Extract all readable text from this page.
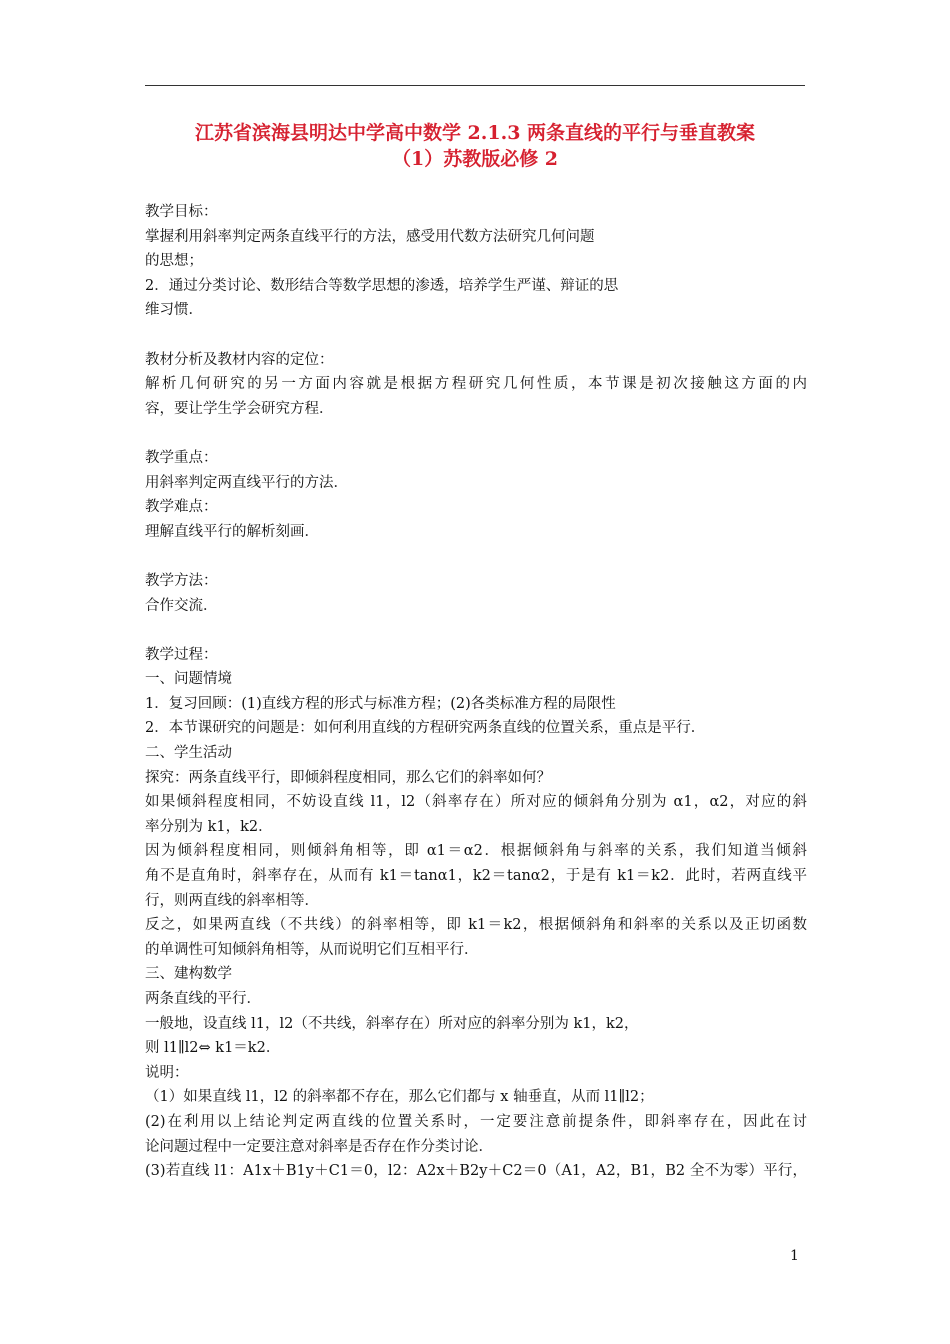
江苏省滨海县明达中学高中数学 2.1.3 两条直线的平行与垂直教案
（1）苏教版必修 2
教学目标：
掌握利用斜率判定两条直线平行的方法，感受用代数方法研究几何问题
的思想；
2．通过分类讨论、数形结合等数学思想的渗透，培养学生严谨、辩证的思
维习惯．
教材分析及教材内容的定位：
解析几何研究的另一方面内容就是根据方程研究几何性质，本节课是初次接触这方面的内
容，要让学生学会研究方程．
教学重点：
用斜率判定两直线平行的方法．
教学难点：
理解直线平行的解析刻画．
教学方法：
合作交流．
教学过程：
一、问题情境
1．复习回顾：(1)直线方程的形式与标准方程；(2)各类标准方程的局限性
2．本节课研究的问题是：如何利用直线的方程研究两条直线的位置关系，重点是平行．
二、学生活动
探究：两条直线平行，即倾斜程度相同，那么它们的斜率如何？
如果倾斜程度相同，不妨设直线 l1，l2（斜率存在）所对应的倾斜角分别为 α1，α2，对应的斜
率分别为 k1，k2．
因为倾斜程度相同，则倾斜角相等，即 α1＝α2．根据倾斜角与斜率的关系，我们知道当倾斜
角不是直角时，斜率存在，从而有 k1＝tanα1，k2＝tanα2，于是有 k1＝k2．此时，若两直线平
行，则两直线的斜率相等．
反之，如果两直线（不共线）的斜率相等，即 k1＝k2，根据倾斜角和斜率的关系以及正切函数
的单调性可知倾斜角相等，从而说明它们互相平行．
三、建构数学
两条直线的平行．
一般地，设直线 l1，l2（不共线，斜率存在）所对应的斜率分别为 k1，k2，
则 l1∥l2⇔ k1＝k2．
说明：
（1）如果直线 l1，l2 的斜率都不存在，那么它们都与 x 轴垂直，从而 l1∥l2；
(2)在利用以上结论判定两直线的位置关系时，一定要注意前提条件，即斜率存在，因此在讨
论问题过程中一定要注意对斜率是否存在作分类讨论．
(3)若直线 l1：A1x＋B1y＋C1＝0，l2：A2x＋B2y＋C2＝0（A1，A2，B1，B2 全不为零）平行，
1
